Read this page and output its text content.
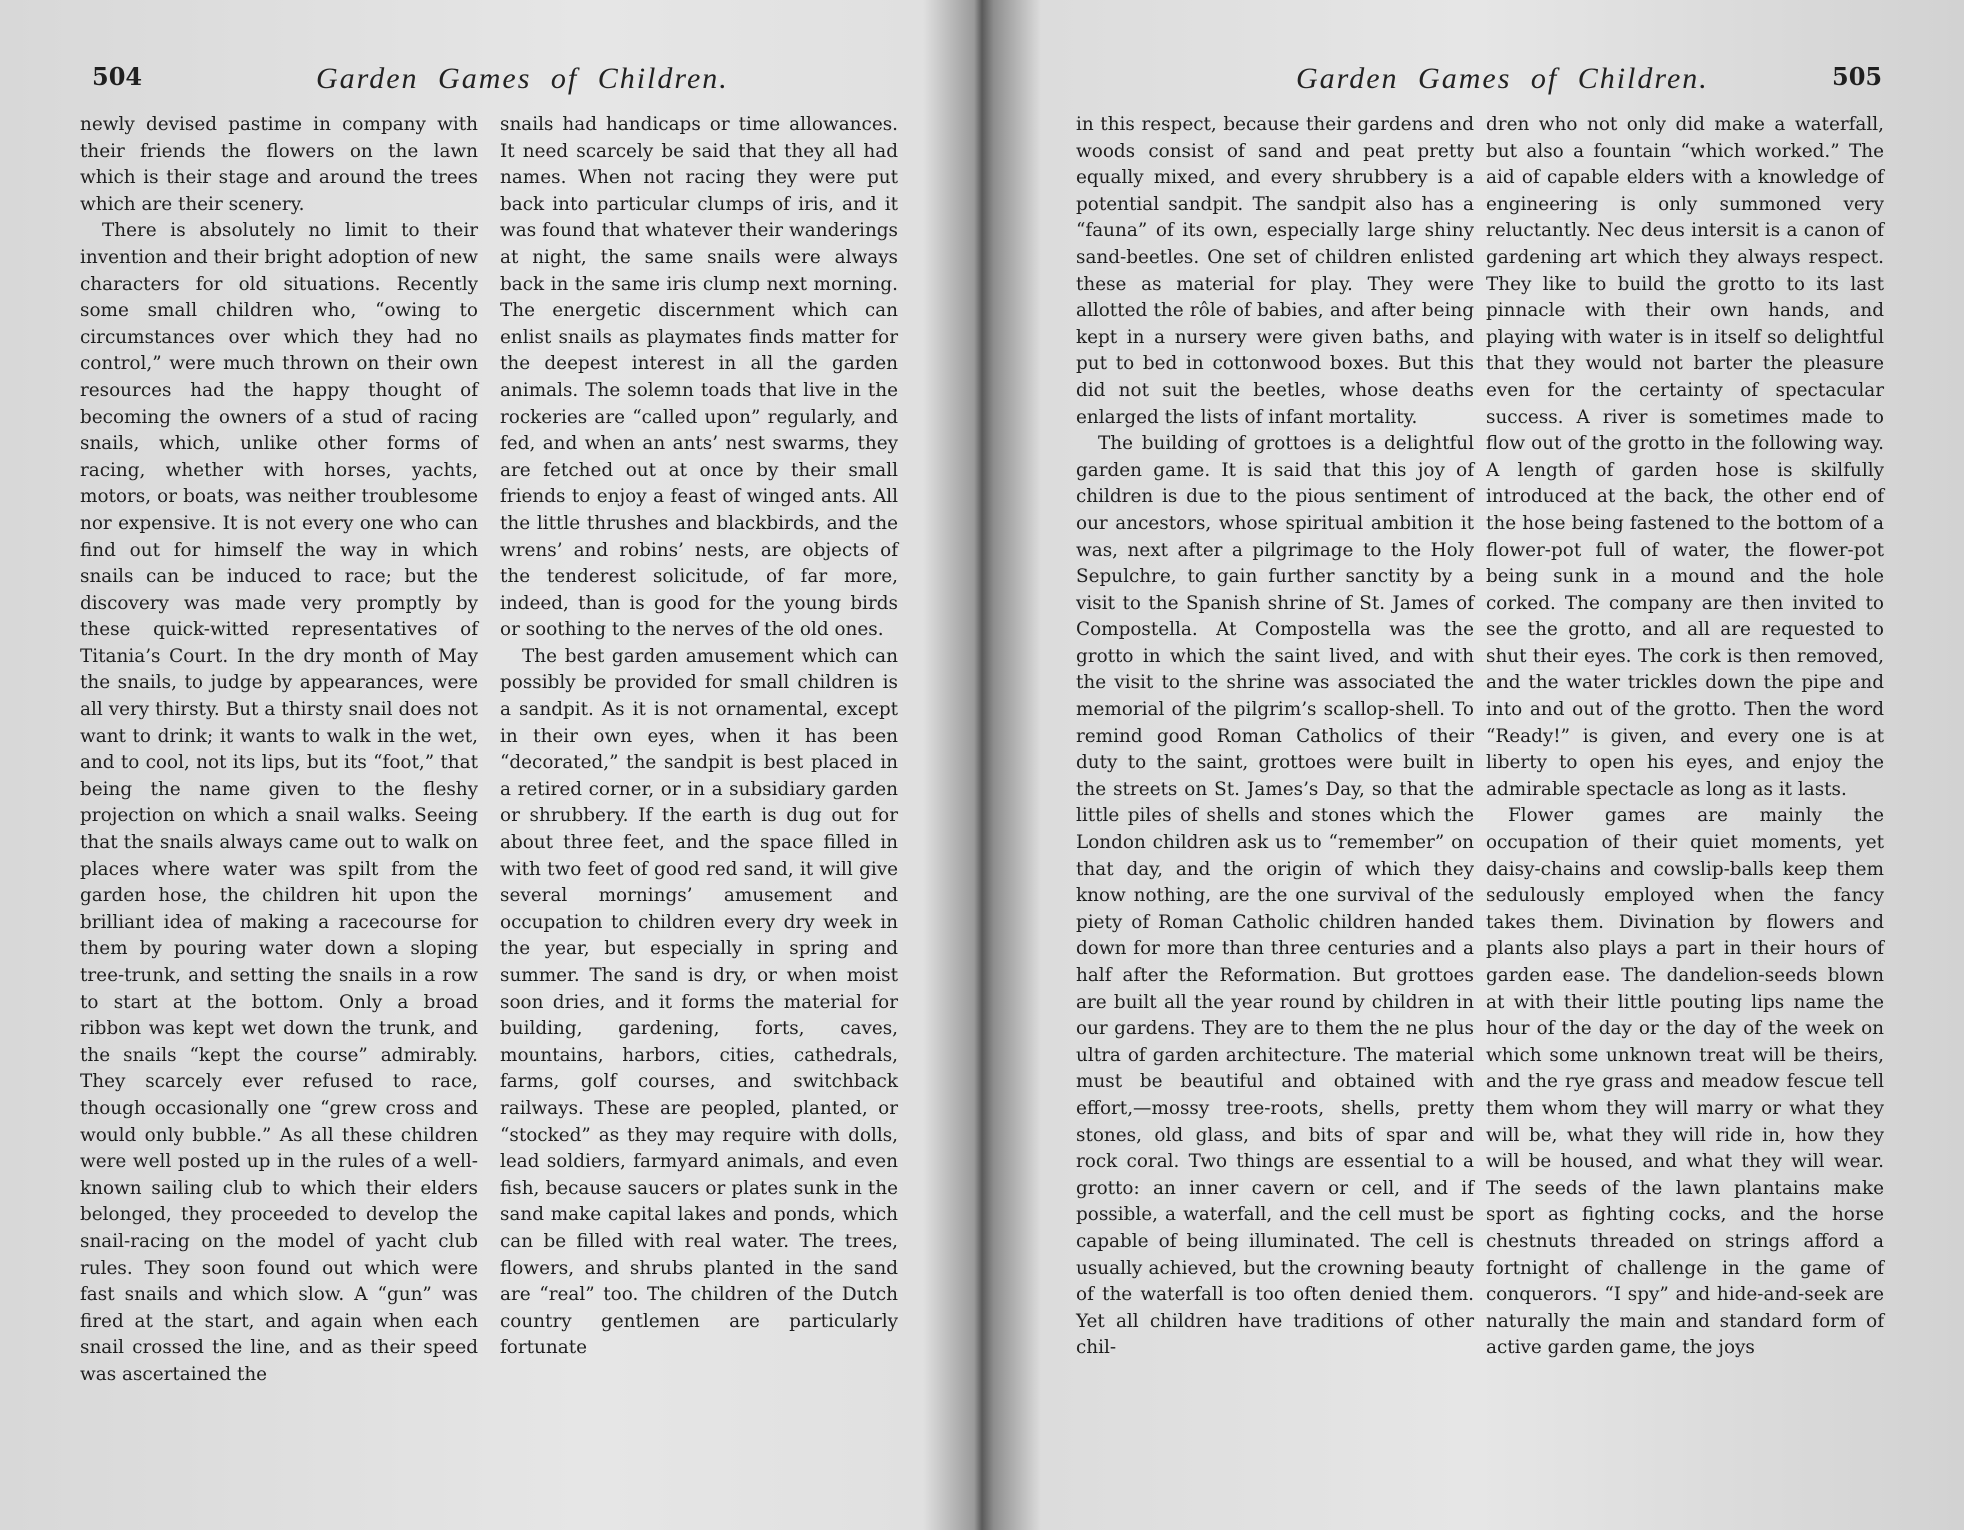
504	Garden Games of Children.

newly devised pastime in company with their friends the flowers on the lawn which is their stage and around the trees which are their scenery.

There is absolutely no limit to their invention and their bright adoption of new characters for old situations. Recently some small children who, “owing to circumstances over which they had no control,” were much thrown on their own resources had the happy thought of becoming the owners of a stud of racing snails, which, unlike other forms of racing, whether with horses, yachts, motors, or boats, was neither troublesome nor expensive. It is not every one who can find out for himself the way in which snails can be induced to race; but the discovery was made very promptly by these quick-witted representatives of Titania’s Court. In the dry month of May the snails, to judge by appearances, were all very thirsty. But a thirsty snail does not want to drink; it wants to walk in the wet, and to cool, not its lips, but its “foot,” that being the name given to the fleshy projection on which a snail walks. Seeing that the snails always came out to walk on places where water was spilt from the garden hose, the children hit upon the brilliant idea of making a racecourse for them by pouring water down a sloping tree-trunk, and setting the snails in a row to start at the bottom. Only a broad ribbon was kept wet down the trunk, and the snails “kept the course” admirably. They scarcely ever refused to race, though occasionally one “grew cross and would only bubble.” As all these children were well posted up in the rules of a well-known sailing club to which their elders belonged, they proceeded to develop the snail-racing on the model of yacht club rules. They soon found out which were fast snails and which slow. A “gun” was fired at the start, and again when each snail crossed the line, and as their speed was ascertained the

snails had handicaps or time allowances. It need scarcely be said that they all had names. When not racing they were put back into particular clumps of iris, and it was found that whatever their wanderings at night, the same snails were always back in the same iris clump next morning. The energetic discernment which can enlist snails as playmates finds matter for the deepest interest in all the garden animals. The solemn toads that live in the rockeries are “called upon” regularly, and fed, and when an ants’ nest swarms, they are fetched out at once by their small friends to enjoy a feast of winged ants. All the little thrushes and blackbirds, and the wrens’ and robins’ nests, are objects of the tenderest solicitude, of far more, indeed, than is good for the young birds or soothing to the nerves of the old ones.

The best garden amusement which can possibly be provided for small children is a sandpit. As it is not ornamental, except in their own eyes, when it has been “decorated,” the sandpit is best placed in a retired corner, or in a subsidiary garden or shrubbery. If the earth is dug out for about three feet, and the space filled in with two feet of good red sand, it will give several mornings’ amusement and occupation to children every dry week in the year, but especially in spring and summer. The sand is dry, or when moist soon dries, and it forms the material for building, gardening, forts, caves, mountains, harbors, cities, cathedrals, farms, golf courses, and switchback railways. These are peopled, planted, or “stocked” as they may require with dolls, lead soldiers, farmyard animals, and even fish, because saucers or plates sunk in the sand make capital lakes and ponds, which can be filled with real water. The trees, flowers, and shrubs planted in the sand are “real” too. The children of the Dutch country gentlemen are particularly fortunate

Garden Games of Children.	505

in this respect, because their gardens and woods consist of sand and peat pretty equally mixed, and every shrubbery is a potential sandpit. The sandpit also has a “fauna” of its own, especially large shiny sand-beetles. One set of children enlisted these as material for play. They were allotted the rôle of babies, and after being kept in a nursery were given baths, and put to bed in cottonwood boxes. But this did not suit the beetles, whose deaths enlarged the lists of infant mortality.

The building of grottoes is a delightful garden game. It is said that this joy of children is due to the pious sentiment of our ancestors, whose spiritual ambition it was, next after a pilgrimage to the Holy Sepulchre, to gain further sanctity by a visit to the Spanish shrine of St. James of Compostella. At Compostella was the grotto in which the saint lived, and with the visit to the shrine was associated the memorial of the pilgrim’s scallop-shell. To remind good Roman Catholics of their duty to the saint, grottoes were built in the streets on St. James’s Day, so that the little piles of shells and stones which the London children ask us to “remember” on that day, and the origin of which they know nothing, are the one survival of the piety of Roman Catholic children handed down for more than three centuries and a half after the Reformation. But grottoes are built all the year round by children in our gardens. They are to them the ne plus ultra of garden architecture. The material must be beautiful and obtained with effort,—mossy tree-roots, shells, pretty stones, old glass, and bits of spar and rock coral. Two things are essential to a grotto: an inner cavern or cell, and if possible, a waterfall, and the cell must be capable of being illuminated. The cell is usually achieved, but the crowning beauty of the waterfall is too often denied them. Yet all children have traditions of other chil-

dren who not only did make a waterfall, but also a fountain “which worked.” The aid of capable elders with a knowledge of engineering is only summoned very reluctantly. Nec deus intersit is a canon of gardening art which they always respect. They like to build the grotto to its last pinnacle with their own hands, and playing with water is in itself so delightful that they would not barter the pleasure even for the certainty of spectacular success. A river is sometimes made to flow out of the grotto in the following way. A length of garden hose is skilfully introduced at the back, the other end of the hose being fastened to the bottom of a flower-pot full of water, the flower-pot being sunk in a mound and the hole corked. The company are then invited to see the grotto, and all are requested to shut their eyes. The cork is then removed, and the water trickles down the pipe and into and out of the grotto. Then the word “Ready!” is given, and every one is at liberty to open his eyes, and enjoy the admirable spectacle as long as it lasts.

Flower games are mainly the occupation of their quiet moments, yet daisy-chains and cowslip-balls keep them sedulously employed when the fancy takes them. Divination by flowers and plants also plays a part in their hours of garden ease. The dandelion-seeds blown at with their little pouting lips name the hour of the day or the day of the week on which some unknown treat will be theirs, and the rye grass and meadow fescue tell them whom they will marry or what they will be, what they will ride in, how they will be housed, and what they will wear. The seeds of the lawn plantains make sport as fighting cocks, and the horse chestnuts threaded on strings afford a fortnight of challenge in the game of conquerors. “I spy” and hide-and-seek are naturally the main and standard form of active garden game, the joys
